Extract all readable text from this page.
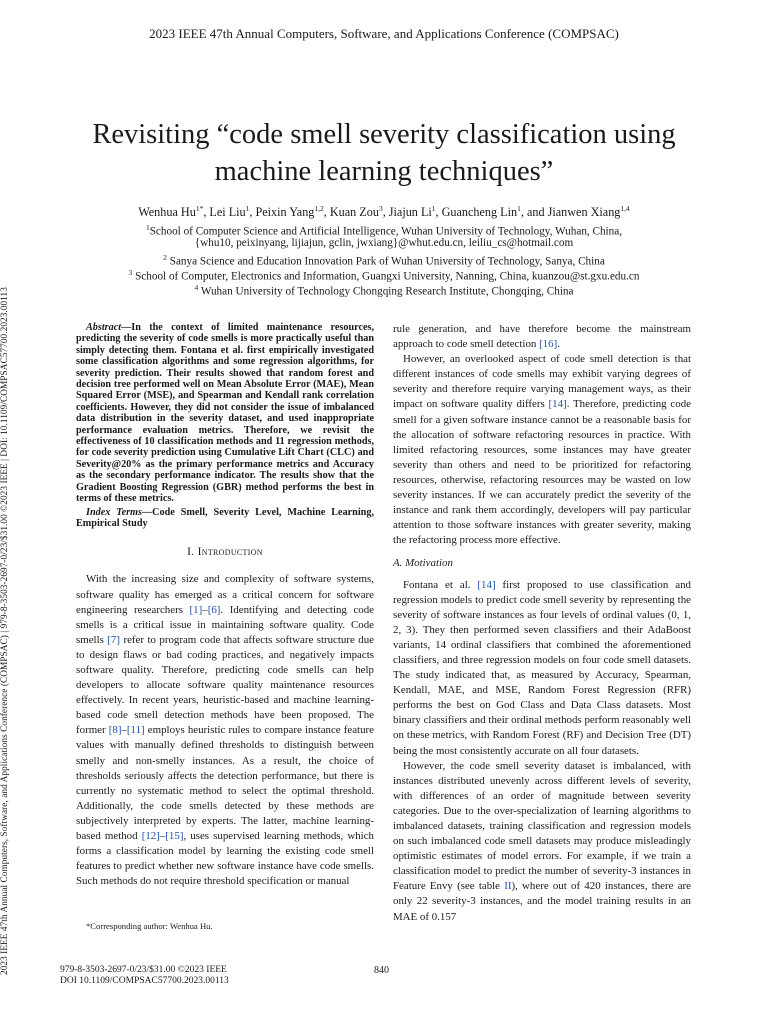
2023 IEEE 47th Annual Computers, Software, and Applications Conference (COMPSAC)
2023 IEEE 47th Annual Computers, Software, and Applications Conference (COMPSAC) | 979-8-3503-2697-0/23/$31.00 ©2023 IEEE | DOI: 10.1109/COMPSAC57700.2023.00113
Revisiting “code smell severity classification using
machine learning techniques”
Wenhua $Hu^{1*}$, Lei Liu$^1$, Peixin Yang$^{1,2}$, Kuan Zou$^3$, Jiajun Li$^1$, Guancheng Lin$^1$, and Jianwen Xiang$^{1,4}$
$^1$School of Computer Science and Artificial Intelligence, Wuhan University of Technology, Wuhan, China,
{whu10, peixinyang, lijiajun, gclin, jwxiang}@whut.edu.cn, leiliu_cs@hotmail.com
$^2$ Sanya Science and Education Innovation Park of Wuhan University of Technology, Sanya, China
$^3$ School of Computer, Electronics and Information, Guangxi University, Nanning, China, kuanzou@st.gxu.edu.cn
$^4$ Wuhan University of Technology Chongqing Research Institute, Chongqing, China

Abstract—In the context of limited maintenance resources, predicting the severity of code smells is more practically useful than simply detecting them. Fontana et al. first empirically investigated some classification algorithms and some regression algorithms, for severity prediction. Their results showed that random forest and decision tree performed well on Mean Absolute Error (MAE), Mean Squared Error (MSE), and Spearman and Kendall rank correlation coefficients. However, they did not consider the issue of imbalanced data distribution in the severity dataset, and used inappropriate performance evaluation metrics. Therefore, we revisit the effectiveness of 10 classification methods and 11 regression methods, for code severity prediction using Cumulative Lift Chart (CLC) and Severity@20% as the primary performance metrics and Accuracy as the secondary performance indicator. The results show that the Gradient Boosting Regression (GBR) method performs the best in terms of these metrics.

Index Terms—Code Smell, Severity Level, Machine Learning, Empirical Study

I. Introduction

With the increasing size and complexity of software systems, software quality has emerged as a critical concern for software engineering researchers [1]–[6]. Identifying and detecting code smells is a critical issue in maintaining software quality. Code smells [7] refer to program code that affects software structure due to design flaws or bad coding practices, and negatively impacts software quality. Therefore, predicting code smells can help developers to allocate software quality maintenance resources effectively. In recent years, heuristic-based and machine learning-based code smell detection methods have been proposed. The former [8]–[11] employs heuristic rules to compare instance feature values with manually defined thresholds to distinguish between smelly and non-smelly instances. As a result, the choice of thresholds seriously affects the detection performance, but there is currently no systematic method to select the optimal threshold. Additionally, the code smells detected by these methods are subjectively interpreted by experts. The latter, machine learning-based method [12]–[15], uses supervised learning methods, which forms a classification model by learning the existing code smell features to predict whether new software instance have code smells. Such methods do not require threshold specification or manual

rule generation, and have therefore become the mainstream approach to code smell detection [16].

However, an overlooked aspect of code smell detection is that different instances of code smells may exhibit varying degrees of severity and therefore require varying management ways, as their impact on software quality differs [14]. Therefore, predicting code smell for a given software instance cannot be a reasonable basis for the allocation of software refactoring resources in practice. With limited refactoring resources, some instances may have greater severity than others and need to be prioritized for refactoring resources, otherwise, refactoring resources may be wasted on low severity instances. If we can accurately predict the severity of the instance and rank them accordingly, developers will pay particular attention to those software instances with greater severity, making the refactoring process more effective.

A. Motivation

Fontana et al. [14] first proposed to use classification and regression models to predict code smell severity by representing the severity of software instances as four levels of ordinal values (0, 1, 2, 3). They then performed seven classifiers and their AdaBoost variants, 14 ordinal classifiers that combined the aforementioned classifiers, and three regression models on four code smell datasets. The study indicated that, as measured by Accuracy, Spearman, Kendall, MAE, and MSE, Random Forest Regression (RFR) performs the best on God Class and Data Class datasets. Most binary classifiers and their ordinal methods perform reasonably well on these metrics, with Random Forest (RF) and Decision Tree (DT) being the most consistently accurate on all four datasets.

However, the code smell severity dataset is imbalanced, with instances distributed unevenly across different levels of severity, with differences of an order of magnitude between severity categories. Due to the over-specialization of learning algorithms to imbalanced datasets, training classification and regression models on such imbalanced code smell datasets may produce misleadingly optimistic estimates of model errors. For example, if we train a classification model to predict the number of severity-3 instances in Feature Envy (see table II), where out of 420 instances, there are only 22 severity-3 instances, and the model training results in an MAE of 0.157

*Corresponding author: Wenhua Hu.
979-8-3503-2697-0/23/$31.00 ©2023 IEEE
DOI 10.1109/COMPSAC57700.2023.00113
840
